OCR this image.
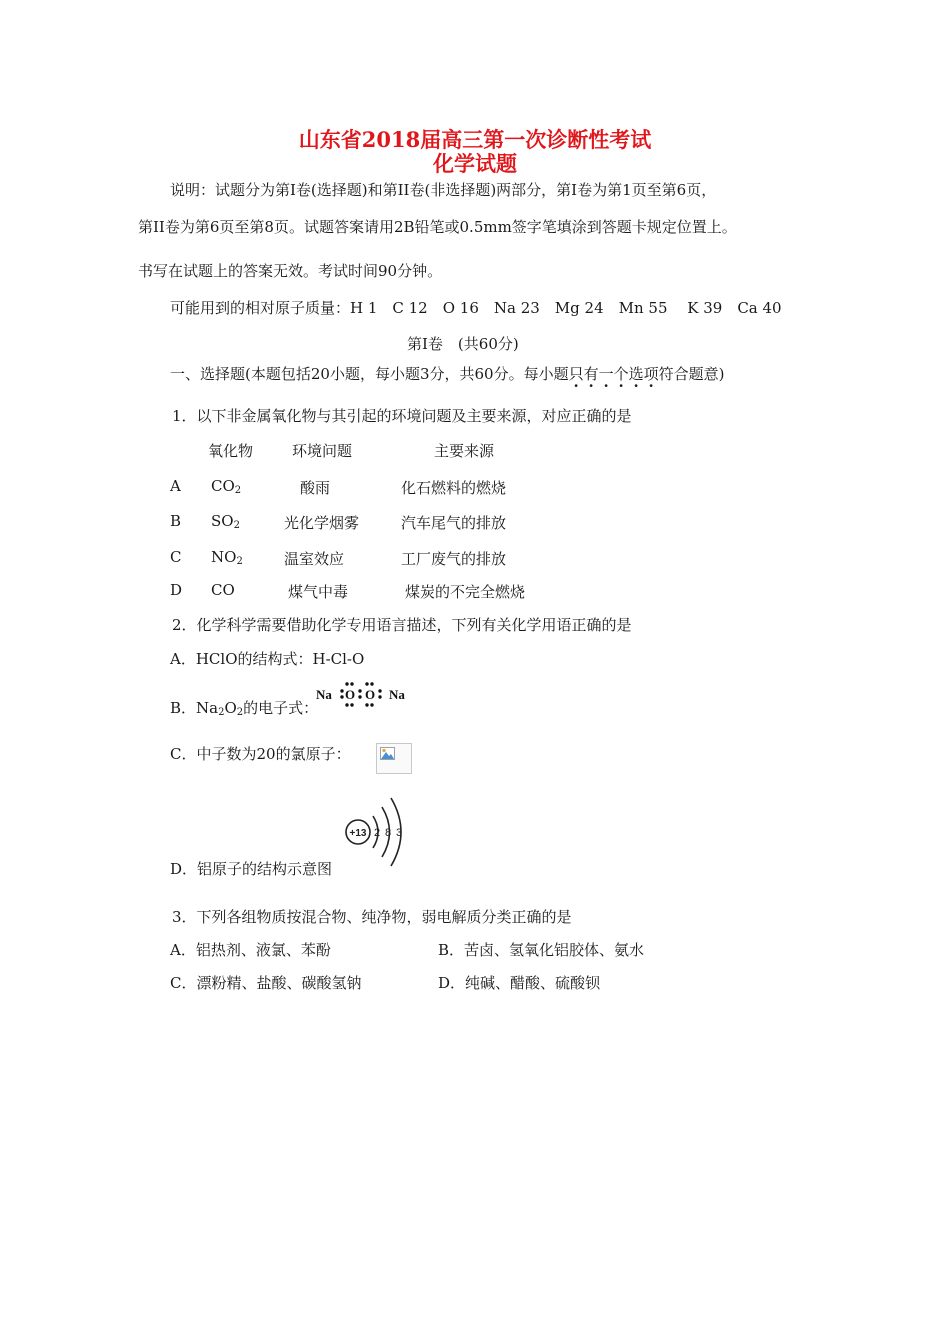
山东省2018届高三第一次诊断性考试
化学试题
说明：试题分为第Ⅰ卷(选择题)和第II卷(非选择题)两部分，第Ⅰ卷为第1页至第6页，
第II卷为第6页至第8页。试题答案请用2B铅笔或0.5mm签字笔填涂到答题卡规定位置上。
书写在试题上的答案无效。考试时间90分钟。
可能用到的相对原子质量：H 1　C 12　O 16　Na 23　Mg 24　Mn 55　 K 39　Ca 40
第Ⅰ卷　(共60分)
一、选择题(本题包括20小题，每小题3分，共60分。每小题只有一个选项符合题意)
1．以下非金属氧化物与其引起的环境问题及主要来源，对应正确的是
氧化物	环境问题	主要来源
A $CO_2$	酸雨	化石燃料的燃烧
B $SO_2$	光化学烟雾	汽车尾气的排放
C $NO_2$	温室效应	工厂废气的排放
D CO	煤气中毒	煤炭的不完全燃烧
2．化学科学需要借助化学专用语言描述，下列有关化学用语正确的是
A．HClO的结构式：H-Cl-O
B．$Na_2O_2$的电子式：
Na	Na
O O
C．中子数为20的氯原子：
+13 2 8 3
D．铝原子的结构示意图
3．下列各组物质按混合物、纯净物，弱电解质分类正确的是
A．铝热剂、液氯、苯酚	B．苦卤、氢氧化铝胶体、氨水
C．漂粉精、盐酸、碳酸氢钠	D．纯碱、醋酸、硫酸钡
